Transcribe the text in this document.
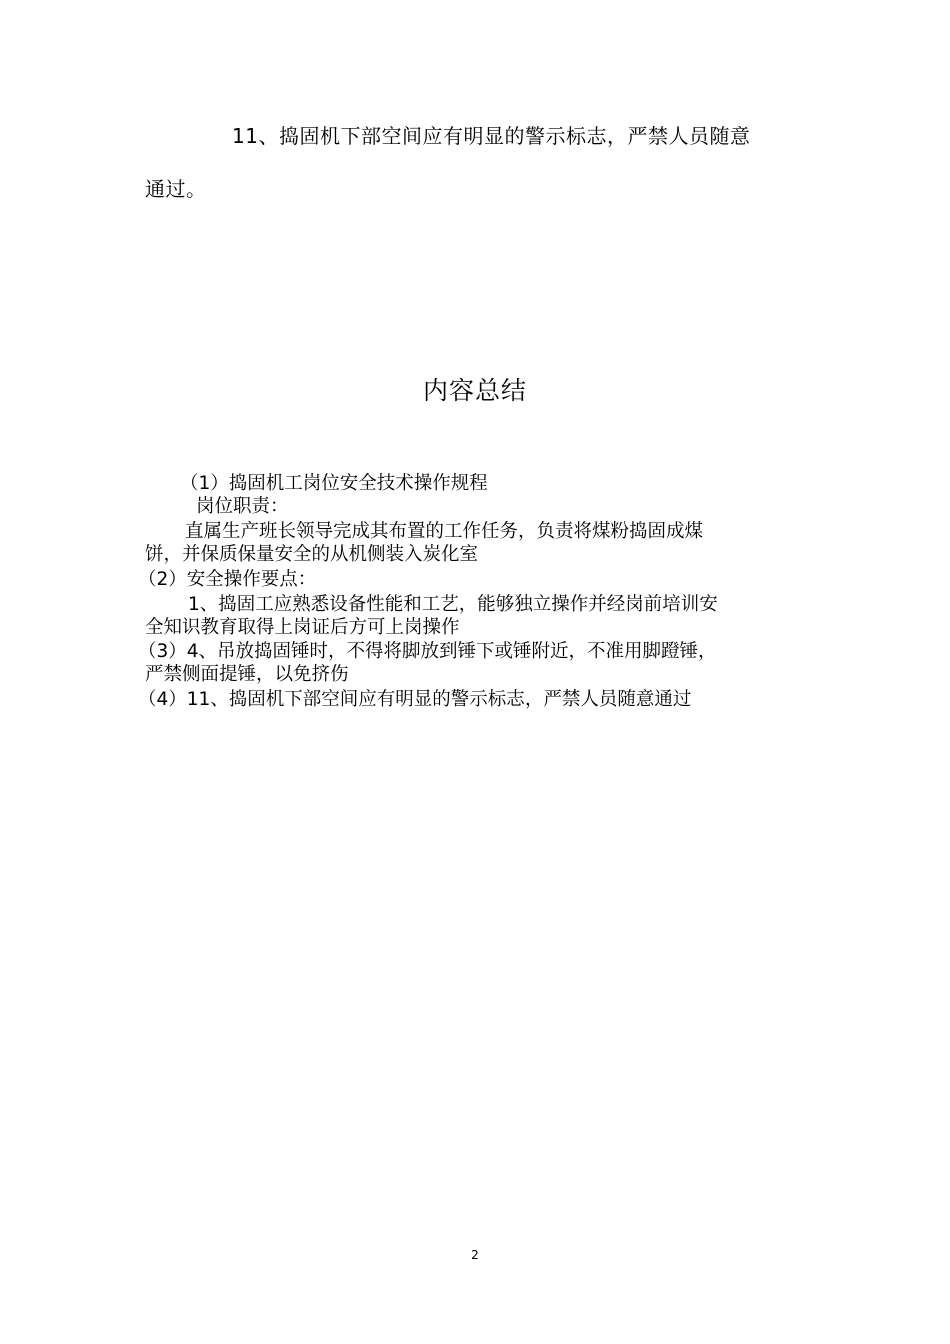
11、捣固机下部空间应有明显的警示标志，严禁人员随意
通过。
内容总结
（1）捣固机工岗位安全技术操作规程
岗位职责：
直属生产班长领导完成其布置的工作任务，负责将煤粉捣固成煤
饼，并保质保量安全的从机侧装入炭化室
（2）安全操作要点：
1、捣固工应熟悉设备性能和工艺，能够独立操作并经岗前培训安
全知识教育取得上岗证后方可上岗操作
（3）4、吊放捣固锤时，不得将脚放到锤下或锤附近，不准用脚蹬锤，
严禁侧面提锤，以免挤伤
（4）11、捣固机下部空间应有明显的警示标志，严禁人员随意通过
2
